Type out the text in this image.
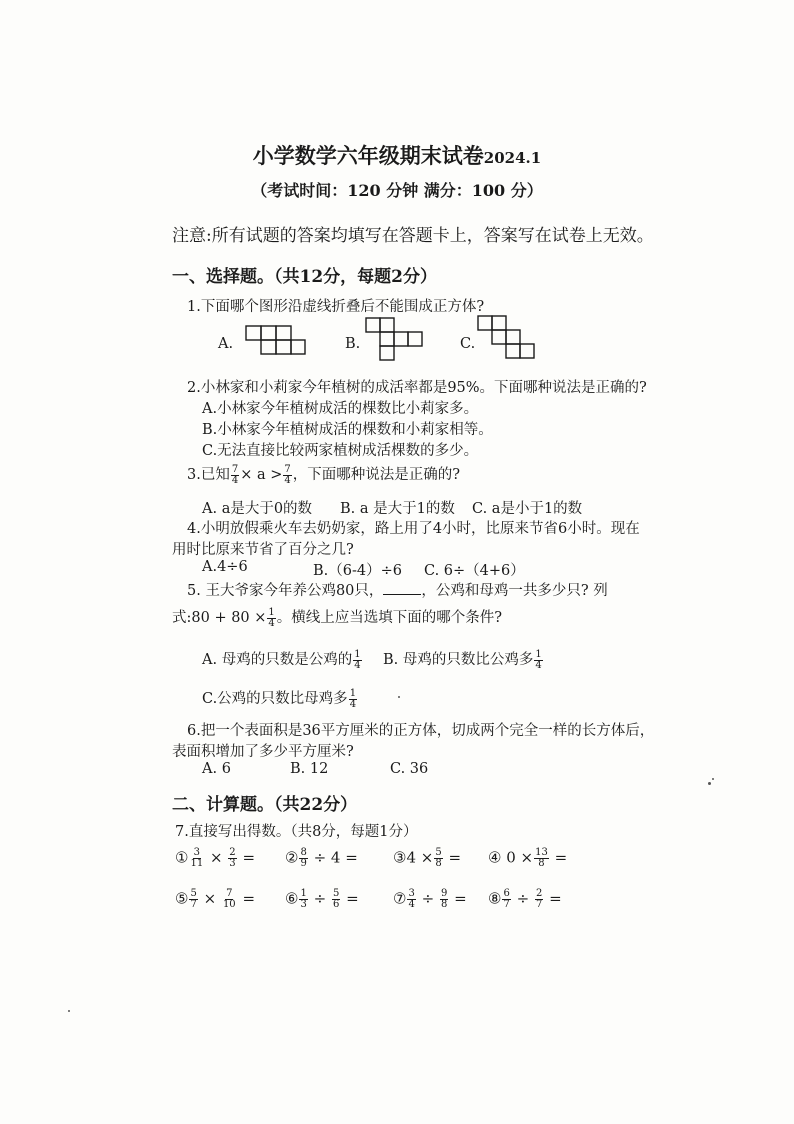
小学数学六年级期末试卷2024.1
（考试时间：120 分钟 满分：100 分）
注意:所有试题的答案均填写在答题卡上，答案写在试卷上无效。
一、选择题。（共12分，每题2分）
1.下面哪个图形沿虚线折叠后不能围成正方体?
A.	B.	C.
2.小林家和小莉家今年植树的成活率都是95%。下面哪种说法是正确的?
A.小林家今年植树成活的棵数比小莉家多。
B.小林家今年植树成活的棵数和小莉家相等。
C.无法直接比较两家植树成活棵数的多少。
3.已知 $\frac{7}{4} \times a > \frac{7}{4}$ ，下面哪种说法是正确的?
A. a是大于0的数 B. a 是大于1的数 C. a是小于1的数
4.小明放假乘火车去奶奶家，路上用了4小时，比原来节省6小时。现在
用时比原来节省了百分之几?
A.4÷6	B.（6-4）÷6 C. 6÷（4+6）
5. 王大爷家今年养公鸡80只，	，公鸡和母鸡一共多少只? 列
式:80 + $80 \times \frac{1}{4}$ 。横线上应当选填下面的哪个条件?
A. 母鸡的只数是公鸡的 $\frac{1}{4} B$. 母鸡的只数比公鸡多 $\frac{1}{4}$
C.公鸡的只数比母鸡多 $\frac{1}{4}$
6.把一个表面积是36平方厘米的正方体，切成两个完全一样的长方体后，
表面积增加了多少平方厘米?
A. 6	B. 12	C. 36
二、计算题。（共22分）
7.直接写出得数。（共8分，每题1分）
① $\frac{3}{11} \times \frac{2}{3}$ = ② $\frac{8}{9} \div 4$ = ③4 × $\frac{5}{8}$ = ④ $0 \times \frac{13}{8}$ =
⑤ $\frac{5}{7} \times \frac{7}{10}$ = ⑥ $\frac{1}{3} \div \frac{5}{6}$ = ⑦ $\frac{3}{4} \div \frac{9}{8}$ = ⑧ $\frac{6}{7} \div \frac{2}{7}$ =
